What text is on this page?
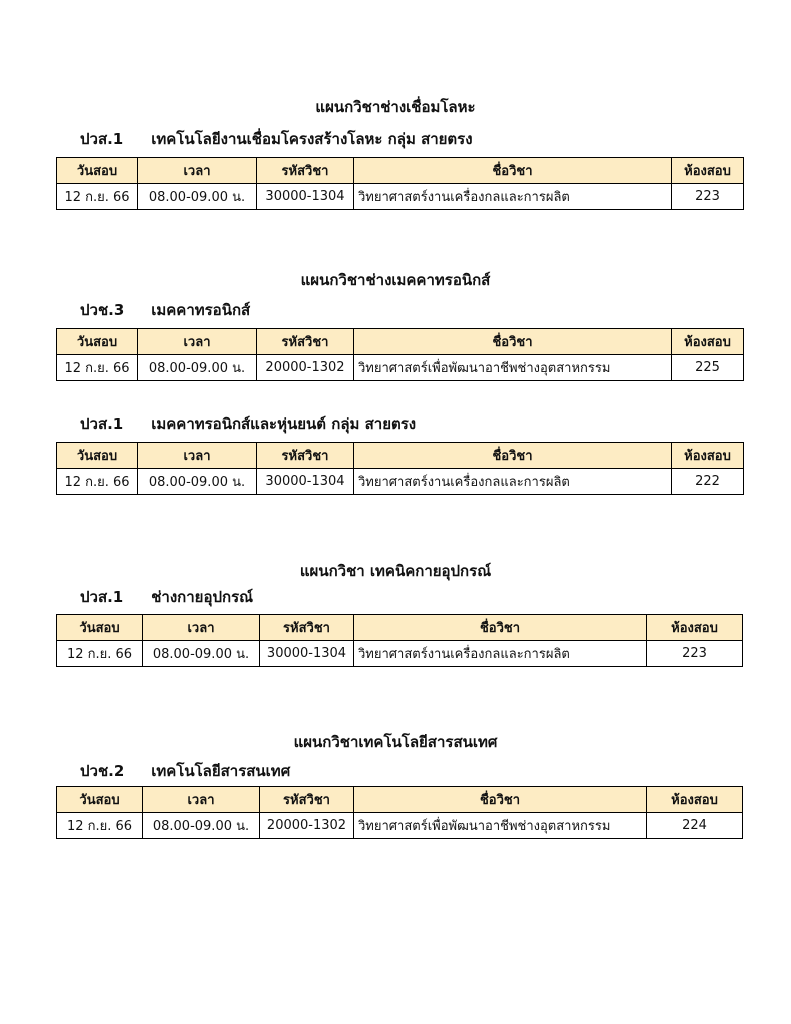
แผนกวิชาช่างเชื่อมโลหะ
ปวส.1 เทคโนโลยีงานเชื่อมโครงสร้างโลหะ กลุ่ม สายตรง
วันสอบ	เวลา	รหัสวิชา	ชื่อวิชา	ห้องสอบ
12 ก.ย. 66	08.00-09.00 น.	30000-1304	วิทยาศาสตร์งานเครื่องกลและการผลิต	223
แผนกวิชาช่างเมคคาทรอนิกส์
ปวช.3 เมคคาทรอนิกส์
วันสอบ	เวลา	รหัสวิชา	ชื่อวิชา	ห้องสอบ
12 ก.ย. 66	08.00-09.00 น.	20000-1302	วิทยาศาสตร์เพื่อพัฒนาอาชีพช่างอุตสาหกรรม	225
ปวส.1 เมคคาทรอนิกส์และหุ่นยนต์ กลุ่ม สายตรง
วันสอบ	เวลา	รหัสวิชา	ชื่อวิชา	ห้องสอบ
12 ก.ย. 66	08.00-09.00 น.	30000-1304	วิทยาศาสตร์งานเครื่องกลและการผลิต	222
แผนกวิชา เทคนิคกายอุปกรณ์
ปวส.1 ช่างกายอุปกรณ์
วันสอบ	เวลา	รหัสวิชา	ชื่อวิชา	ห้องสอบ
12 ก.ย. 66	08.00-09.00 น.	30000-1304	วิทยาศาสตร์งานเครื่องกลและการผลิต	223
แผนกวิชาเทคโนโลยีสารสนเทศ
ปวช.2 เทคโนโลยีสารสนเทศ
วันสอบ	เวลา	รหัสวิชา	ชื่อวิชา	ห้องสอบ
12 ก.ย. 66	08.00-09.00 น.	20000-1302	วิทยาศาสตร์เพื่อพัฒนาอาชีพช่างอุตสาหกรรม	224
